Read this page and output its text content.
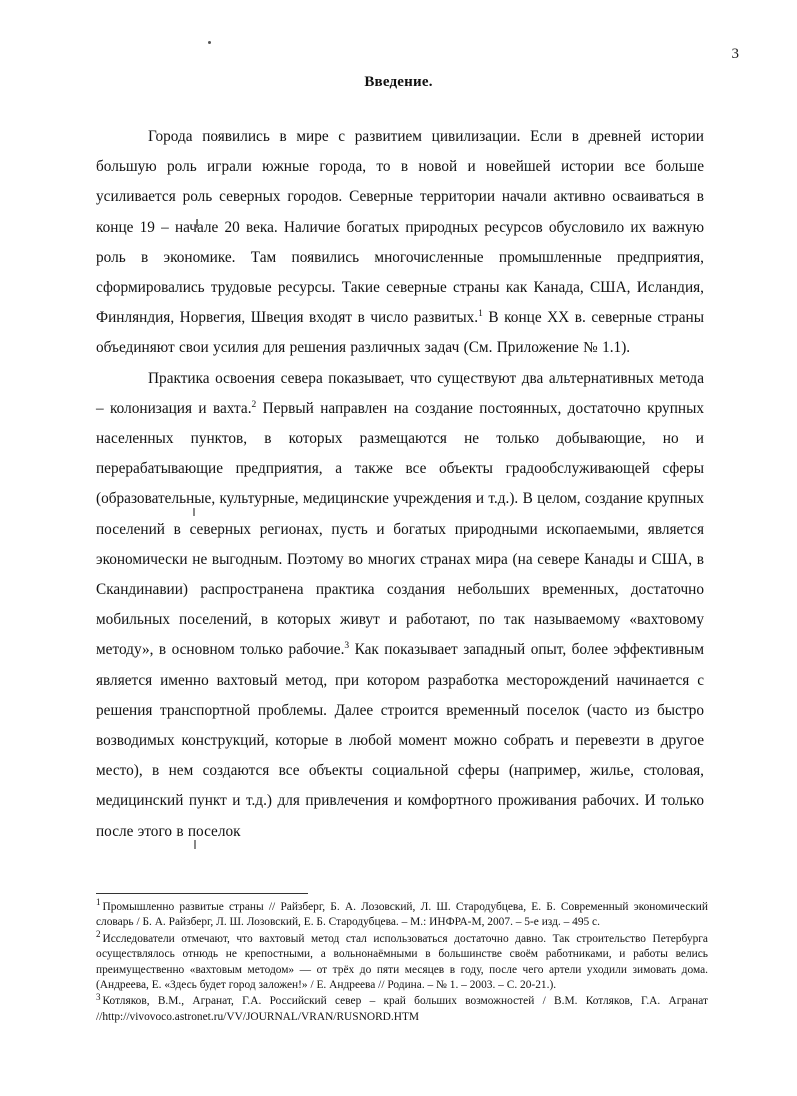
3
Введение.

Города появились в мире с развитием цивилизации. Если в древней истории большую роль играли южные города, то в новой и новейшей истории все больше усиливается роль северных городов. Северные территории начали активно осваиваться в конце 19 – начале 20 века. Наличие богатых природных ресурсов обусловило их важную роль в экономике. Там появились многочисленные промышленные предприятия, сформировались трудовые ресурсы. Такие северные страны как Канада, США, Исландия, Финляндия, Норвегия, Швеция входят в число развитых.$^1$ В конце XX в. северные страны объединяют свои усилия для решения различных задач (См. Приложение № 1.1).

Практика освоения севера показывает, что существуют два альтернативных метода – колонизация и вахта.$^2$ Первый направлен на создание постоянных, достаточно крупных населенных пунктов, в которых размещаются не только добывающие, но и перерабатывающие предприятия, а также все объекты градообслуживающей сферы (образовательные, культурные, медицинские учреждения и т.д.). В целом, создание крупных поселений в северных регионах, пусть и богатых природными ископаемыми, является экономически не выгодным. Поэтому во многих странах мира (на севере Канады и США, в Скандинавии) распространена практика создания небольших временных, достаточно мобильных поселений, в которых живут и работают, по так называемому «вахтовому методу», в основном только рабочие.$^3$ Как показывает западный опыт, более эффективным является именно вахтовый метод, при котором разработка месторождений начинается с решения транспортной проблемы. Далее строится временный поселок (часто из быстро возводимых конструкций, которые в любой момент можно собрать и перевезти в другое место), в нем создаются все объекты социальной сферы (например, жилье, столовая, медицинский пункт и т.д.) для привлечения и комфортного проживания рабочих. И только после этого в поселок

$^1$ Промышленно развитые страны // Райзберг, Б. А. Лозовский, Л. Ш. Стародубцева, Е. Б. Современный экономический словарь / Б. А. Райзберг, Л. Ш. Лозовский, Е. Б. Стародубцева. – М.: ИНФРА-М, 2007. – 5-е изд. – 495 с.

$^2$ Исследователи отмечают, что вахтовый метод стал использоваться достаточно давно. Так строительство Петербурга осуществлялось отнюдь не крепостными, а вольнонаёмными в большинстве своём работниками, и работы велись преимущественно «вахтовым методом» — от трёх до пяти месяцев в году, после чего артели уходили зимовать дома. (Андреева, Е. «Здесь будет город заложен!» / Е. Андреева // Родина. – № 1. – 2003. – С. 20-21.).

$^3$ Котляков, В.М., Агранат, Г.А. Российский север – край больших возможностей / В.М. Котляков, Г.А. Агранат //http://vivovoco.astronet.ru/VV/JOURNAL/VRAN/RUSNORD.HTM
